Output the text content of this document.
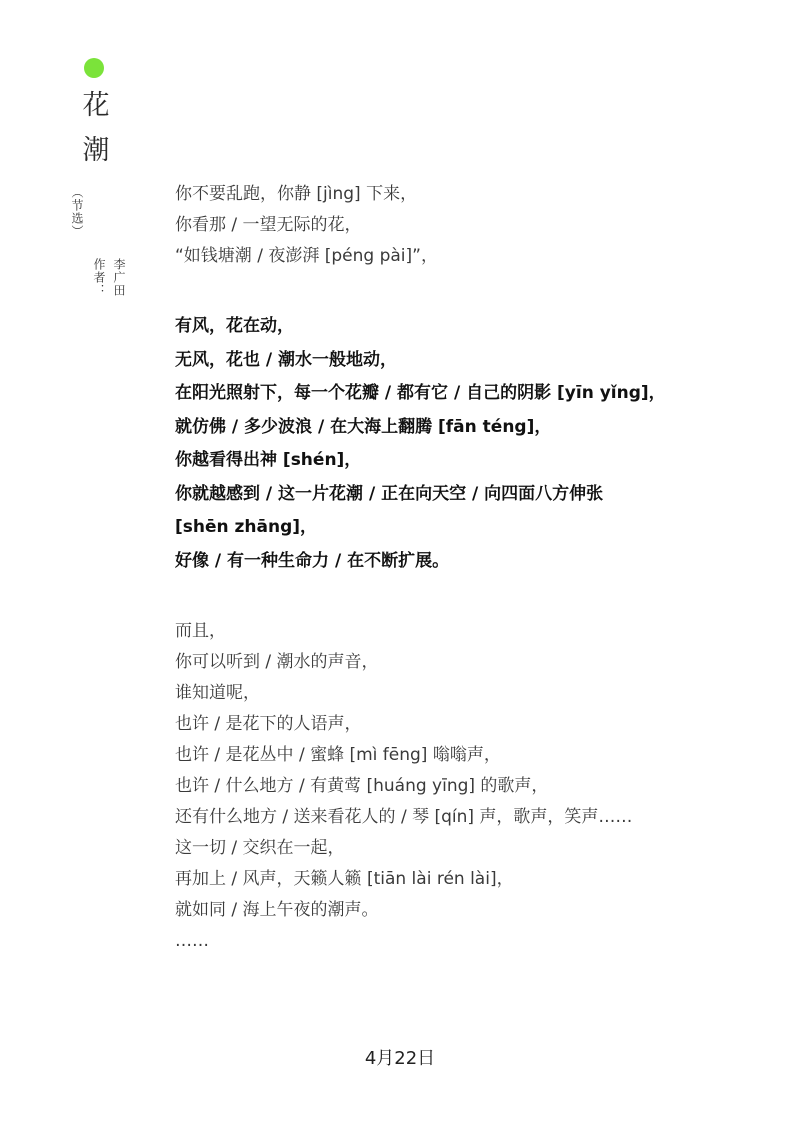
花
潮
（节选）
作者： 李广田
你不要乱跑，你静 [jìng] 下来，
你看那 / 一望无际的花，
“如钱塘潮 / 夜澎湃 [péng pài]”，
有风，花在动，
无风，花也 / 潮水一般地动，
在阳光照射下，每一个花瓣 / 都有它 / 自己的阴影 [yīn yǐng]，
就仿佛 / 多少波浪 / 在大海上翻腾 [fān téng]，
你越看得出神 [shén]，
你就越感到 / 这一片花潮 / 正在向天空 / 向四面八方伸张
[shēn zhāng]，
好像 / 有一种生命力 / 在不断扩展。
而且，
你可以听到 / 潮水的声音，
谁知道呢，
也许 / 是花下的人语声，
也许 / 是花丛中 / 蜜蜂 [mì fēng] 嗡嗡声，
也许 / 什么地方 / 有黄莺 [huáng yīng] 的歌声，
还有什么地方 / 送来看花人的 / 琴 [qín] 声，歌声，笑声……
这一切 / 交织在一起，
再加上 / 风声，天籁人籁 [tiān lài rén lài]，
就如同 / 海上午夜的潮声。
……
4月22日
